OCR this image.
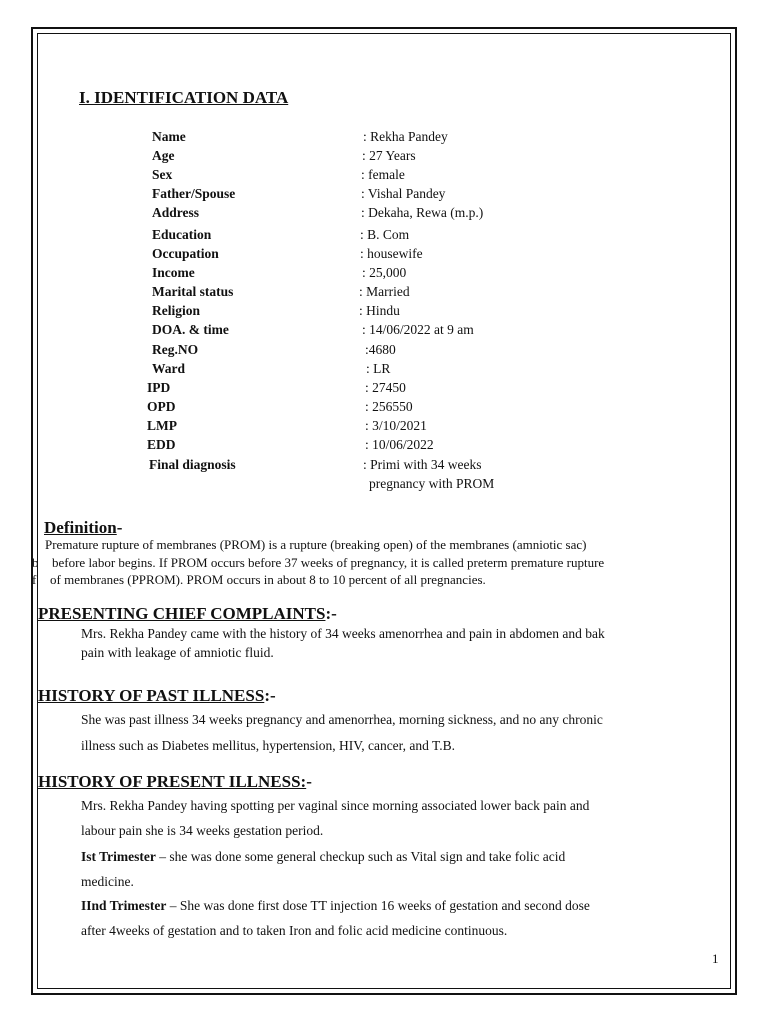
I. IDENTIFICATION DATA
Name	: Rekha Pandey
Age	: 27 Years
Sex	: female
Father/Spouse	: Vishal Pandey
Address	: Dekaha, Rewa (m.p.)
Education	: B. Com
Occupation	: housewife
Income	: 25,000
Marital status	: Married
Religion	: Hindu
DOA. & time	: 14/06/2022 at 9 am
Reg.NO	:4680
Ward	: LR
IPD	: 27450
OPD	: 256550
LMP	: 3/10/2021
EDD	: 10/06/2022
Final diagnosis	: Primi with 34 weeks
pregnancy with PROM
Definition-
Premature rupture of membranes (PROM) is a rupture (breaking open) of the membranes (amniotic sac)
b before labor begins. If PROM occurs before 37 weeks of pregnancy, it is called preterm premature rupture
f of membranes (PPROM). PROM occurs in about 8 to 10 percent of all pregnancies.
PRESENTING CHIEF COMPLAINTS:-
Mrs. Rekha Pandey came with the history of 34 weeks amenorrhea and pain in abdomen and bak
pain with leakage of amniotic fluid.
HISTORY OF PAST ILLNESS:-
She was past illness 34 weeks pregnancy and amenorrhea, morning sickness, and no any chronic
illness such as Diabetes mellitus, hypertension, HIV, cancer, and T.B.
HISTORY OF PRESENT ILLNESS:-
Mrs. Rekha Pandey having spotting per vaginal since morning associated lower back pain and
labour pain she is 34 weeks gestation period.
Ist Trimester – she was done some general checkup such as Vital sign and take folic acid
medicine.
IInd Trimester – She was done first dose TT injection 16 weeks of gestation and second dose
after 4weeks of gestation and to taken Iron and folic acid medicine continuous.
1
